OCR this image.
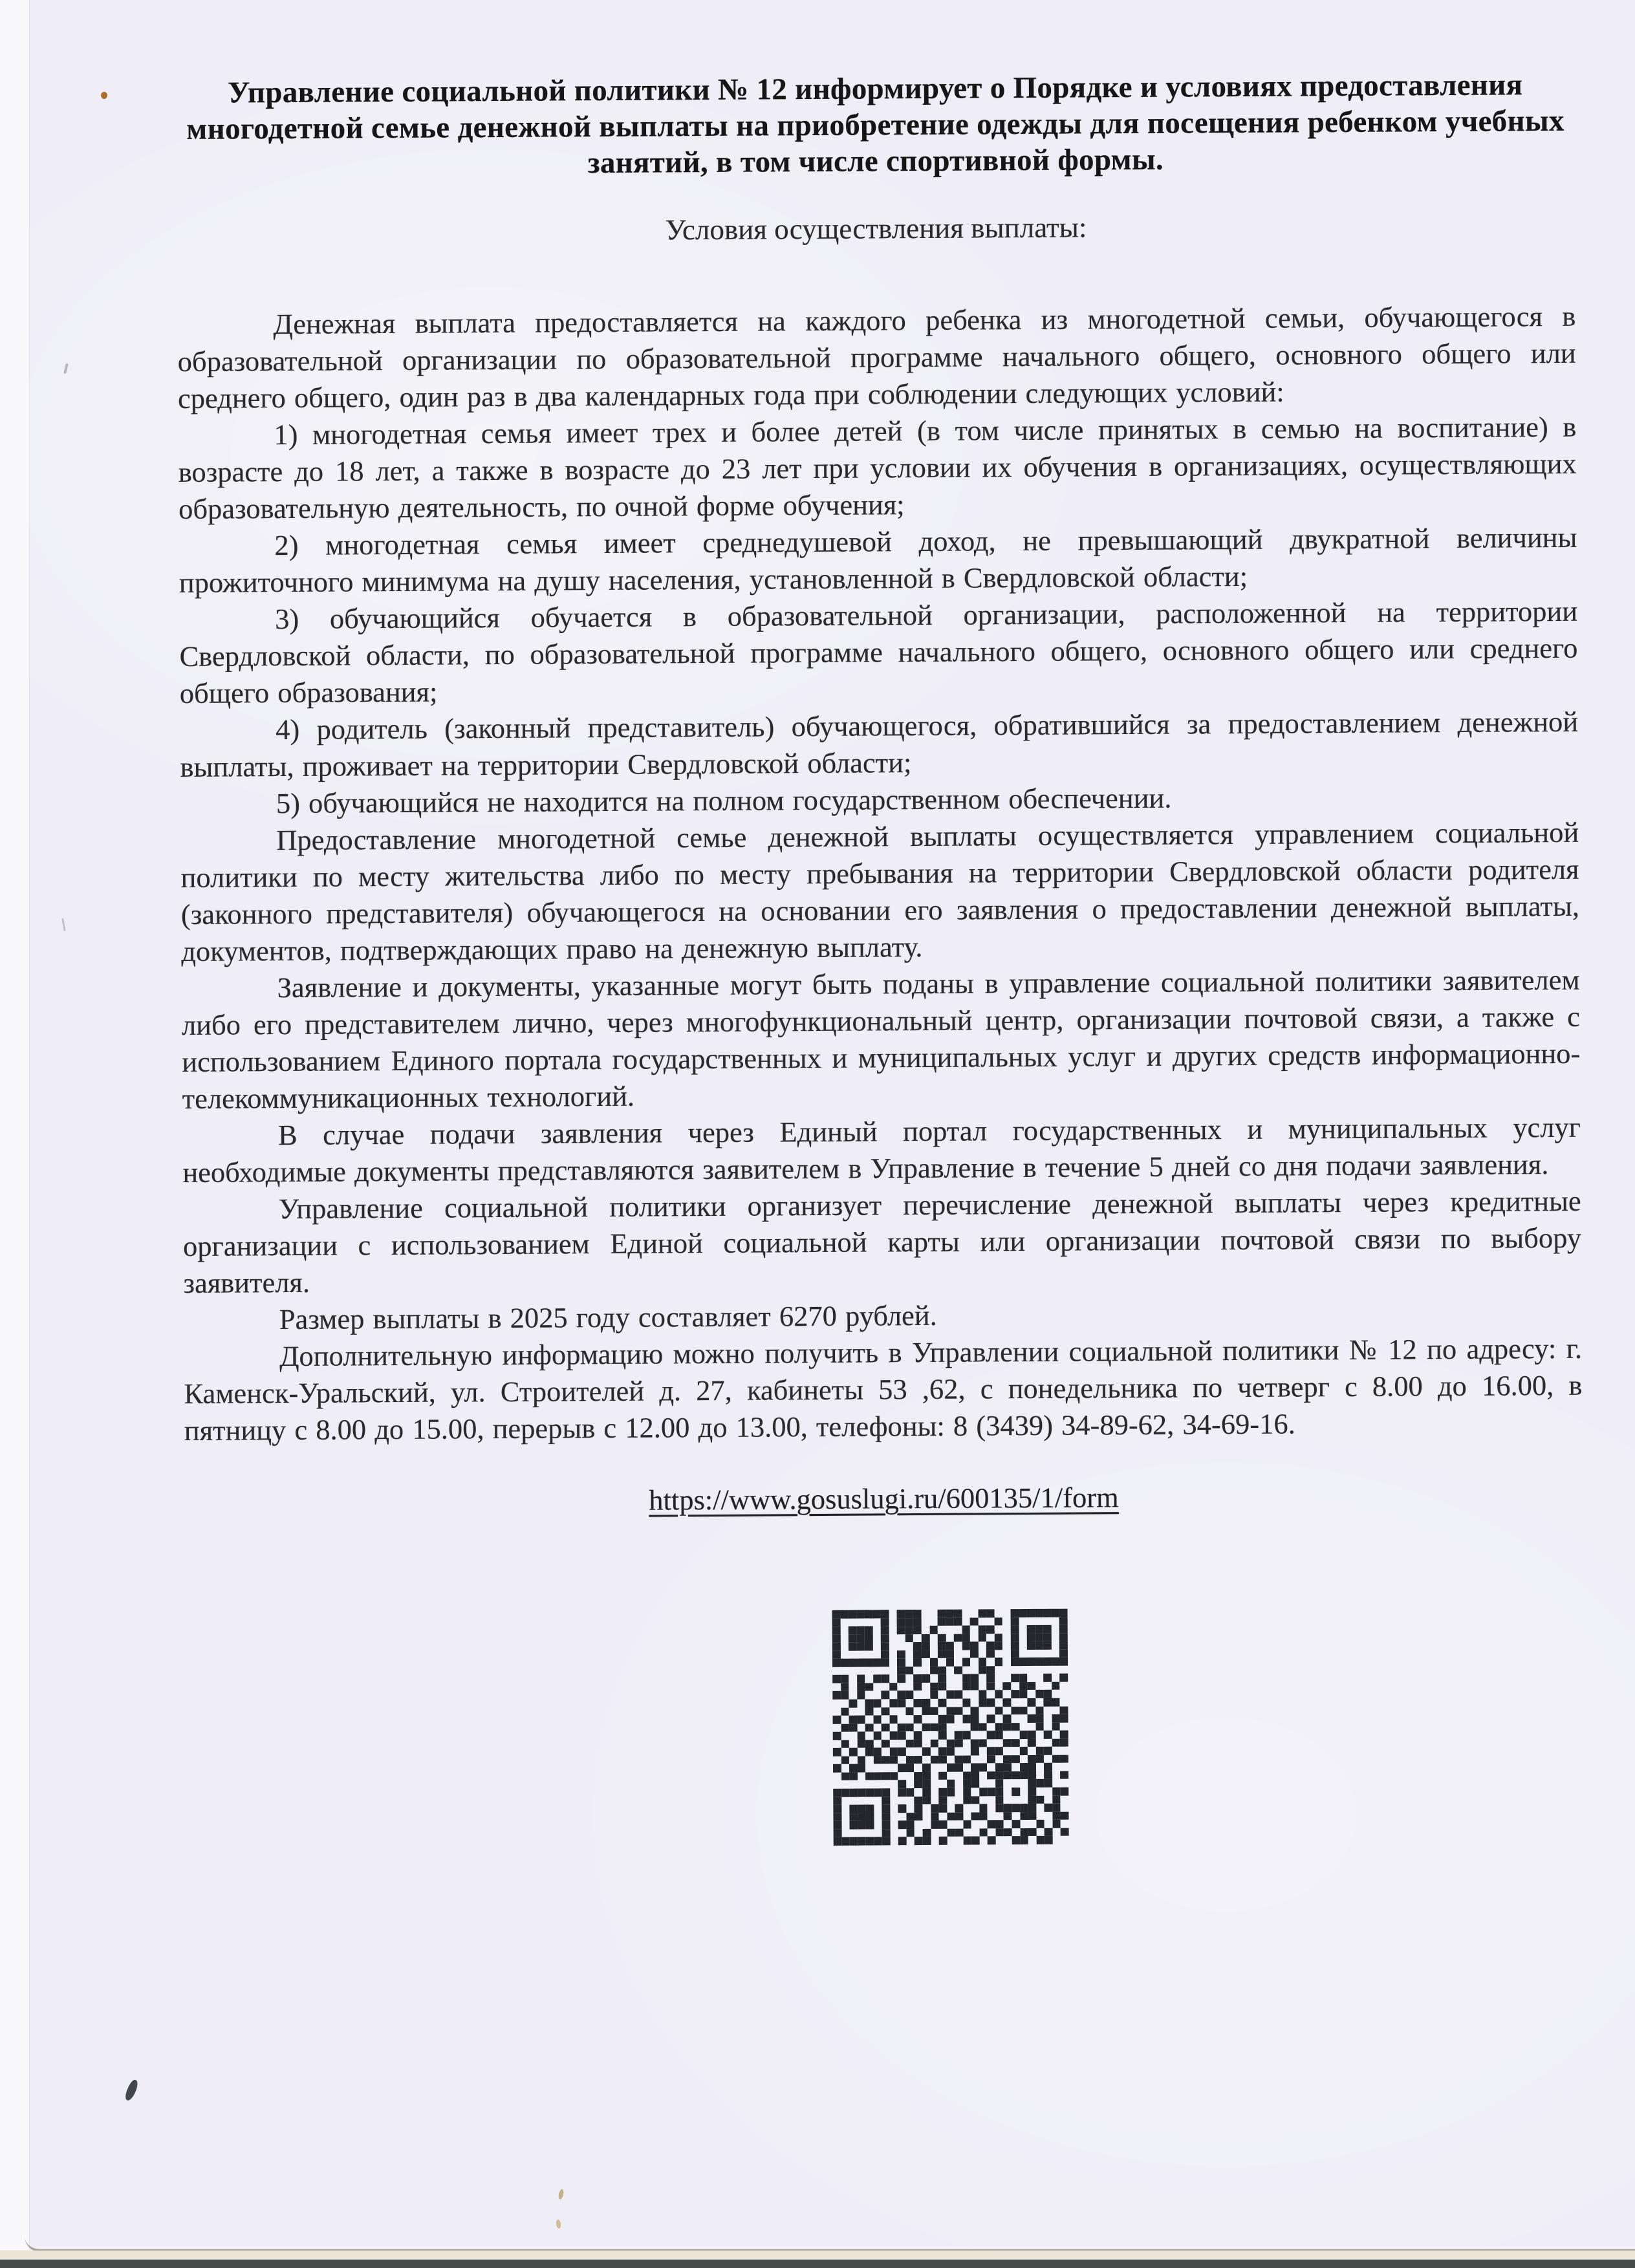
Управление социальной политики № 12 информирует о Порядке и условиях предоставления многодетной семье денежной выплаты на приобретение одежды для посещения ребенком учебных занятий, в том числе спортивной формы.
Условия осуществления выплаты:

Денежная выплата предоставляется на каждого ребенка из многодетной семьи, обучающегося в образовательной организации по образовательной программе начального общего, основного общего или среднего общего, один раз в два календарных года при соблюдении следующих условий:

1) многодетная семья имеет трех и более детей (в том числе принятых в семью на воспитание) в возрасте до 18 лет, а также в возрасте до 23 лет при условии их обучения в организациях, осуществляющих образовательную деятельность, по очной форме обучения;

2) многодетная семья имеет среднедушевой доход, не превышающий двукратной величины прожиточного минимума на душу населения, установленной в Свердловской области;

3) обучающийся обучается в образовательной организации, расположенной на территории Свердловской области, по образовательной программе начального общего, основного общего или среднего общего образования;

4) родитель (законный представитель) обучающегося, обратившийся за предоставлением денежной выплаты, проживает на территории Свердловской области;

5) обучающийся не находится на полном государственном обеспечении.

Предоставление многодетной семье денежной выплаты осуществляется управлением социальной политики по месту жительства либо по месту пребывания на территории Свердловской области родителя (законного представителя) обучающегося на основании его заявления о предоставлении денежной выплаты, документов, подтверждающих право на денежную выплату.

Заявление и документы, указанные могут быть поданы в управление социальной политики заявителем либо его представителем лично, через многофункциональный центр, организации почтовой связи, а также с использованием Единого портала государственных и муниципальных услуг и других средств информационно-телекоммуникационных технологий.

В случае подачи заявления через Единый портал государственных и муниципальных услуг необходимые документы представляются заявителем в Управление в течение 5 дней со дня подачи заявления.

Управление социальной политики организует перечисление денежной выплаты через кредитные организации с использованием Единой социальной карты или организации почтовой связи по выбору заявителя.

Размер выплаты в 2025 году составляет 6270 рублей.

Дополнительную информацию можно получить в Управлении социальной политики № 12 по адресу: г. Каменск-Уральский, ул. Строителей д. 27, кабинеты 53 ,62, с понедельника по четверг с 8.00 до 16.00, в пятницу с 8.00 до 15.00, перерыв с 12.00 до 13.00, телефоны: 8 (3439) 34-89-62, 34-69-16.

https://www.gosuslugi.ru/600135/1/form
